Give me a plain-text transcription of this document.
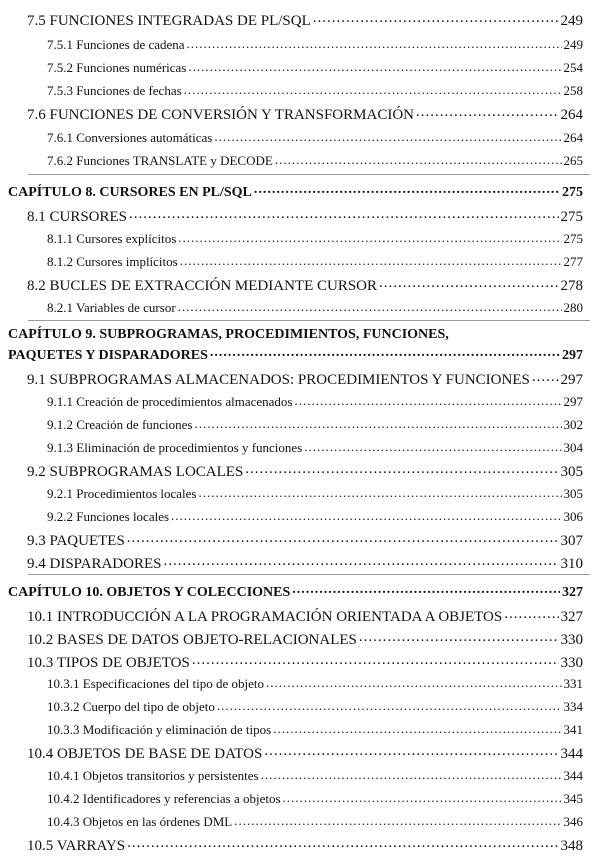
7.5 FUNCIONES INTEGRADAS DE PL/SQL .....	249
7.5.1 Funciones de cadena .....	249
7.5.2 Funciones numéricas .....	254
7.5.3 Funciones de fechas .....	258
7.6 FUNCIONES DE CONVERSIÓN Y TRANSFORMACIÓN .....	264
7.6.1 Conversiones automáticas .....	264
7.6.2 Funciones TRANSLATE y DECODE .....	265
CAPÍTULO 8. CURSORES EN PL/SQL .....	275
8.1 CURSORES .....	275
8.1.1 Cursores explícitos .....	275
8.1.2 Cursores implícitos .....	277
8.2 BUCLES DE EXTRACCIÓN MEDIANTE CURSOR .....	278
8.2.1 Variables de cursor .....	280
CAPÍTULO 9. SUBPROGRAMAS, PROCEDIMIENTOS, FUNCIONES,
PAQUETES Y DISPARADORES .....	297
9.1 SUBPROGRAMAS ALMACENADOS: PROCEDIMIENTOS Y FUNCIONES ..... 297
9.1.1 Creación de procedimientos almacenados .....	297
9.1.2 Creación de funciones .....	302
9.1.3 Eliminación de procedimientos y funciones .....	304
9.2 SUBPROGRAMAS LOCALES .....	305
9.2.1 Procedimientos locales .....	305
9.2.2 Funciones locales .....	306
9.3 PAQUETES .....	307
9.4 DISPARADORES .....	310
CAPÍTULO 10. OBJETOS Y COLECCIONES .....	327
10.1 INTRODUCCIÓN A LA PROGRAMACIÓN ORIENTADA A OBJETOS .....	327
10.2 BASES DE DATOS OBJETO-RELACIONALES .....	330
10.3 TIPOS DE OBJETOS .....	330
10.3.1 Especificaciones del tipo de objeto .....	331
10.3.2 Cuerpo del tipo de objeto .....	334
10.3.3 Modificación y eliminación de tipos .....	341
10.4 OBJETOS DE BASE DE DATOS .....	344
10.4.1 Objetos transitorios y persistentes .....	344
10.4.2 Identificadores y referencias a objetos .....	345
10.4.3 Objetos en las órdenes DML .....	346
10.5 VARRAYS .....	348
